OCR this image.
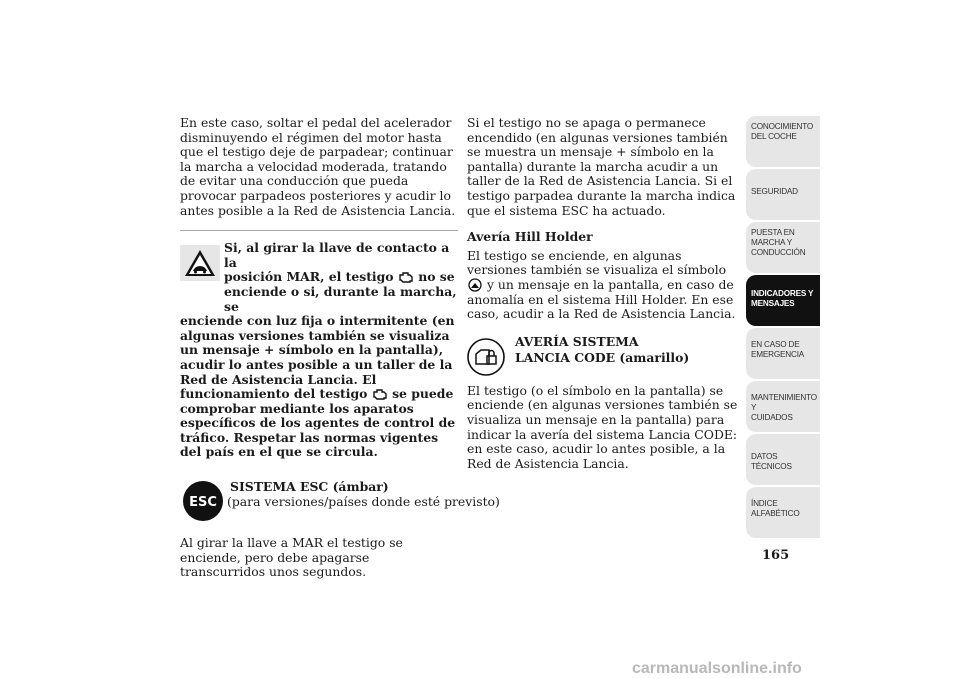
En este caso, soltar el pedal del acelerador disminuyendo el régimen del motor hasta que el testigo deje de parpadear; continuar la marcha a velocidad moderada, tratando de evitar una conducción que pueda provocar parpadeos posteriores y acudir lo antes posible a la Red de Asistencia Lancia.

Si, al girar la llave de contacto a la

posición MAR, el testigo no se

enciende o si, durante la marcha, se

enciende con luz fija o intermitente (en algunas versiones también se visualiza un mensaje + símbolo en la pantalla), acudir lo antes posible a un taller de la Red de Asistencia Lancia. El funcionamiento del testigo se puede comprobar mediante los aparatos específicos de los agentes de control de tráfico. Respetar las normas vigentes del país en el que se circula.

ESC
SISTEMA ESC (ámbar)
(para versiones/países donde esté previsto)

Al girar la llave a MAR el testigo se enciende, pero debe apagarse transcurridos unos segundos.

Si el testigo no se apaga o permanece encendido (en algunas versiones también se muestra un mensaje + símbolo en la pantalla) durante la marcha acudir a un taller de la Red de Asistencia Lancia. Si el testigo parpadea durante la marcha indica que el sistema ESC ha actuado.

Avería Hill Holder

El testigo se enciende, en algunas versiones también se visualiza el símbolo  y un mensaje en la pantalla, en caso de anomalía en el sistema Hill Holder. En ese caso, acudir a la Red de Asistencia Lancia.

AVERÍA SISTEMA
LANCIA CODE (amarillo)

El testigo (o el símbolo en la pantalla) se enciende (en algunas versiones también se visualiza un mensaje en la pantalla) para indicar la avería del sistema Lancia CODE: en este caso, acudir lo antes posible, a la Red de Asistencia Lancia.

CONOCIMIENTO
DEL COCHE
SEGURIDAD
PUESTA EN
MARCHA Y
CONDUCCIÓN
INDICADORES Y
MENSAJES
EN CASO DE
EMERGENCIA
MANTENIMIENTO Y
CUIDADOS
DATOS TÉCNICOS
ÍNDICE
ALFABÉTICO
165
carmanualsonline.info
